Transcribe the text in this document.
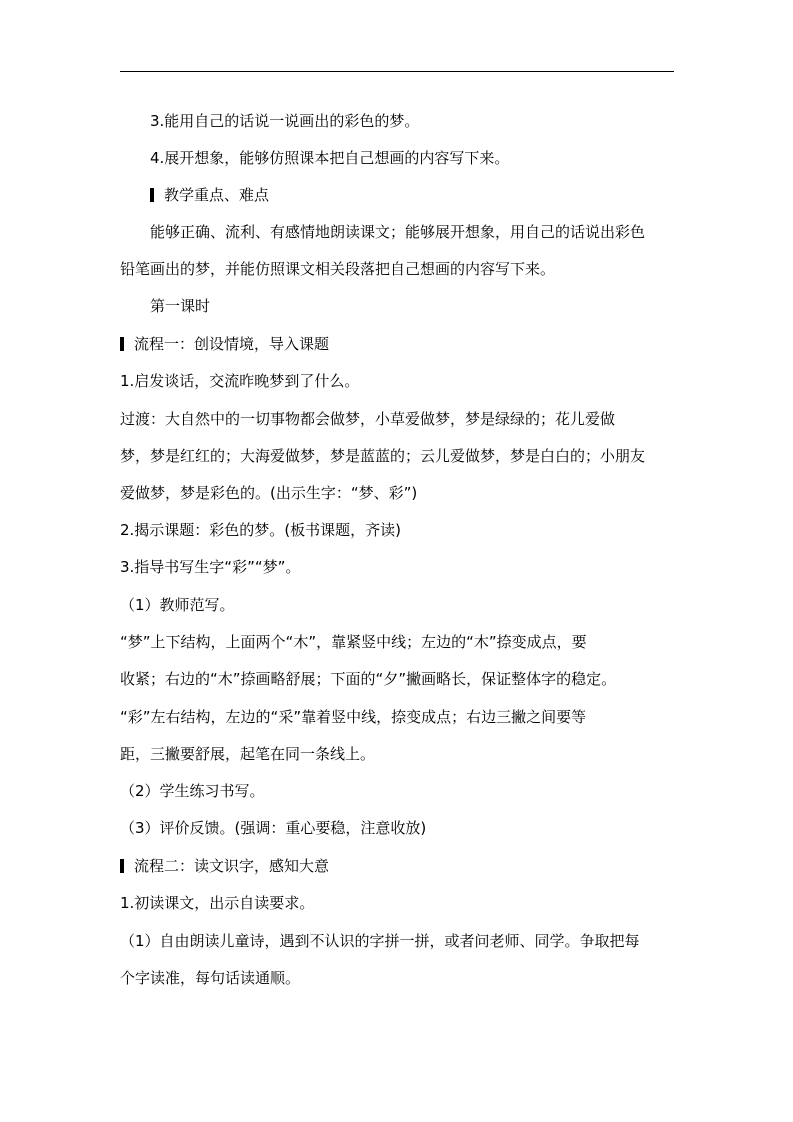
3.能用自己的话说一说画出的彩色的梦。
4.展开想象，能够仿照课本把自己想画的内容写下来。
教学重点、难点
能够正确、流利、有感情地朗读课文；能够展开想象，用自己的话说出彩色
铅笔画出的梦，并能仿照课文相关段落把自己想画的内容写下来。
第一课时
流程一：创设情境，导入课题
1.启发谈话，交流昨晚梦到了什么。
过渡：大自然中的一切事物都会做梦，小草爱做梦，梦是绿绿的；花儿爱做
梦，梦是红红的；大海爱做梦，梦是蓝蓝的；云儿爱做梦，梦是白白的；小朋友
爱做梦，梦是彩色的。(出示生字：“梦、彩”)
2.揭示课题：彩色的梦。(板书课题，齐读)
3.指导书写生字“彩”“梦”。
（1）教师范写。
“梦”上下结构，上面两个“木”，靠紧竖中线；左边的“木”捺变成点，要
收紧；右边的“木”捺画略舒展；下面的“夕”撇画略长，保证整体字的稳定。
“彩”左右结构，左边的“采”靠着竖中线，捺变成点；右边三撇之间要等
距，三撇要舒展，起笔在同一条线上。
（2）学生练习书写。
（3）评价反馈。(强调：重心要稳，注意收放)
流程二：读文识字，感知大意
1.初读课文，出示自读要求。
（1）自由朗读儿童诗，遇到不认识的字拼一拼，或者问老师、同学。争取把每
个字读准，每句话读通顺。
